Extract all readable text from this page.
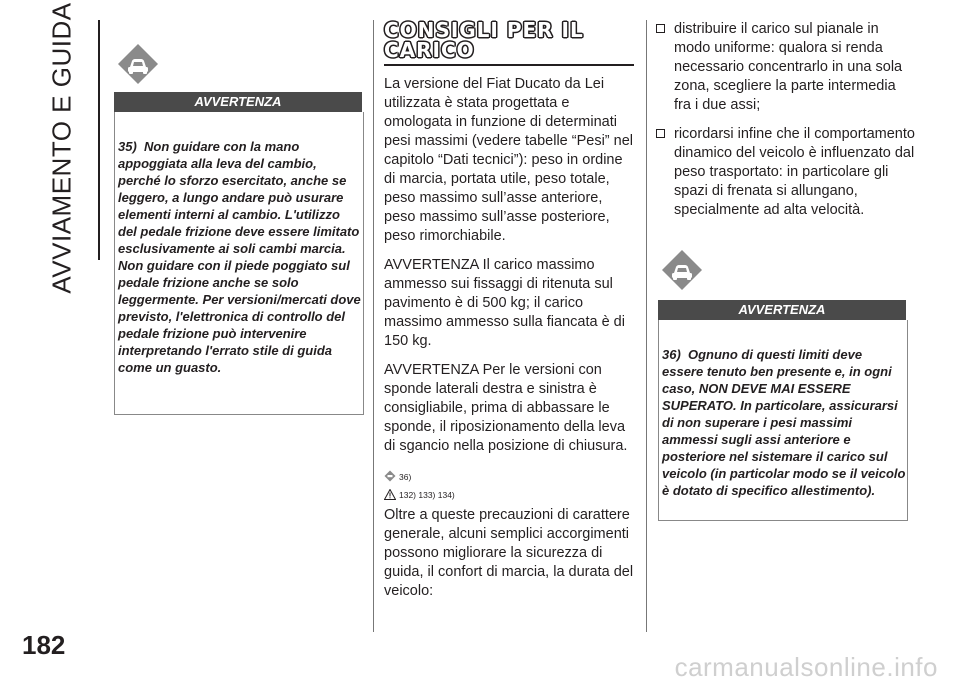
AVVIAMENTO E GUIDA
182
AVVERTENZA
35) Non guidare con la mano appoggiata alla leva del cambio, perché lo sforzo esercitato, anche se leggero, a lungo andare può usurare elementi interni al cambio. L'utilizzo del pedale frizione deve essere limitato esclusivamente ai soli cambi marcia. Non guidare con il piede poggiato sul pedale frizione anche se solo leggermente. Per versioni/mercati dove previsto, l'elettronica di controllo del pedale frizione può intervenire interpretando l'errato stile di guida come un guasto.
CONSIGLI PER IL
CARICO

La versione del Fiat Ducato da Lei utilizzata è stata progettata e omologata in funzione di determinati pesi massimi (vedere tabelle “Pesi” nel capitolo “Dati tecnici”): peso in ordine di marcia, portata utile, peso totale, peso massimo sull’asse anteriore, peso massimo sull’asse posteriore, peso rimorchiabile.

AVVERTENZA Il carico massimo ammesso sui fissaggi di ritenuta sul pavimento è di 500 kg; il carico massimo ammesso sulla fiancata è di 150 kg.

AVVERTENZA Per le versioni con sponde laterali destra e sinistra è consigliabile, prima di abbassare le sponde, il riposizionamento della leva di sgancio nella posizione di chiusura.

36)
132) 133) 134)

Oltre a queste precauzioni di carattere generale, alcuni semplici accorgimenti possono migliorare la sicurezza di guida, il confort di marcia, la durata del veicolo:

distribuire il carico sul pianale in modo uniforme: qualora si renda necessario concentrarlo in una sola zona, scegliere la parte intermedia fra i due assi;

ricordarsi infine che il comportamento dinamico del veicolo è influenzato dal peso trasportato: in particolare gli spazi di frenata si allungano, specialmente ad alta velocità.

AVVERTENZA
36) Ognuno di questi limiti deve essere tenuto ben presente e, in ogni caso, NON DEVE MAI ESSERE SUPERATO. In particolare, assicurarsi di non superare i pesi massimi ammessi sugli assi anteriore e posteriore nel sistemare il carico sul veicolo (in particolar modo se il veicolo è dotato di specifico allestimento).
carmanualsonline.info
